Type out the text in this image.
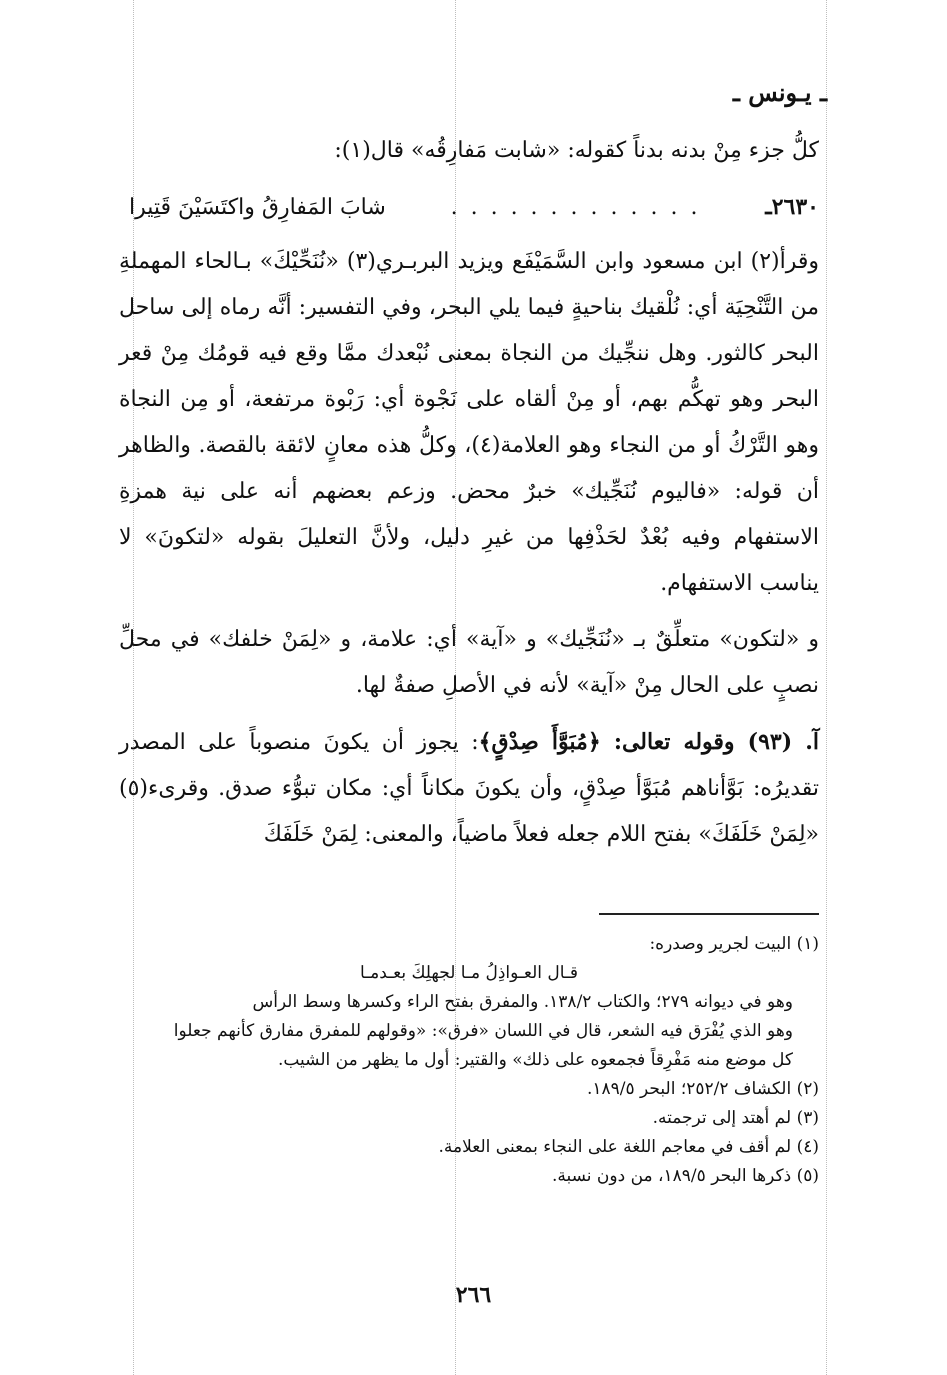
ـ يـونس ـ

كلُّ جزء مِنْ بدنه بدناً كقوله: «شابت مَفارِقُه» قال(١):

٢٦٣٠ـ
. . . . . . . . . . . . .
شابَ المَفارِقُ واكتَسَيْنَ قَتِيرا

وقرأ(٢) ابن مسعود وابن السَّمَيْفَع ويزيد البربـري(٣) «نُنَحِّيْكَ» بـالحاء المهملةِ من التَّنْحِيَة أي: نُلْقيك بناحيةٍ فيما يلي البحر، وفي التفسير: أنَّه رماه إلى ساحل البحر كالثور. وهل ننجِّيك من النجاة بمعنى نُبْعدك ممَّا وقع فيه قومُك مِنْ قعر البحر وهو تهكُّم بهم، أو مِنْ ألقاه على نَجْوة أي: رَبْوة مرتفعة، أو مِن النجاة وهو التَّرْكُ أو من النجاء وهو العلامة(٤)، وكلُّ هذه معانٍ لائقة بالقصة. والظاهر أن قوله: «فاليوم نُنَجِّيك» خبرٌ محض. وزعم بعضهم أنه على نية همزةِ الاستفهام وفيه بُعْدٌ لحَذْفِها من غيرِ دليل، ولأنَّ التعليلَ بقوله «لتكونَ» لا يناسب الاستفهام.

و «لتكون» متعلِّقٌ بـ «نُنَجِّيك» و «آية» أي: علامة، و «لِمَنْ خلفك» في محلِّ نصبٍ على الحال مِنْ «آية» لأنه في الأصلِ صفةٌ لها.

آ. (٩٣) وقوله تعالى: ﴿مُبَوَّأَ صِدْقٍ﴾: يجوز أن يكونَ منصوباً على المصدر تقديرُه: بَوَّأناهم مُبَوَّأ صِدْقٍ، وأن يكونَ مكاناً أي: مكان تبوُّء صدق. وقرىء(٥) «لِمَنْ خَلَفَكَ» بفتح اللام جعله فعلاً ماضياً، والمعنى: لِمَنْ خَلَفَكَ

(١) البيت لجرير وصدره:

قـال العـواذِلُ مـا لجهلِكَ بعـدمـا

وهو في ديوانه ٢٧٩؛ والكتاب ١٣٨/٢. والمفرق بفتح الراء وكسرها وسط الرأس

وهو الذي يُفْرَق فيه الشعر، قال في اللسان «فرق»: «وقولهم للمفرق مفارق كأنهم جعلوا

كل موضع منه مَفْرِقاً فجمعوه على ذلك» والقتير: أول ما يظهر من الشيب.

(٢) الكشاف ٢٥٢/٢؛ البحر ١٨٩/٥.

(٣) لم أهتد إلى ترجمته.

(٤) لم أقف في معاجم اللغة على النجاء بمعنى العلامة.

(٥) ذكرها البحر ١٨٩/٥، من دون نسبة.

٢٦٦
